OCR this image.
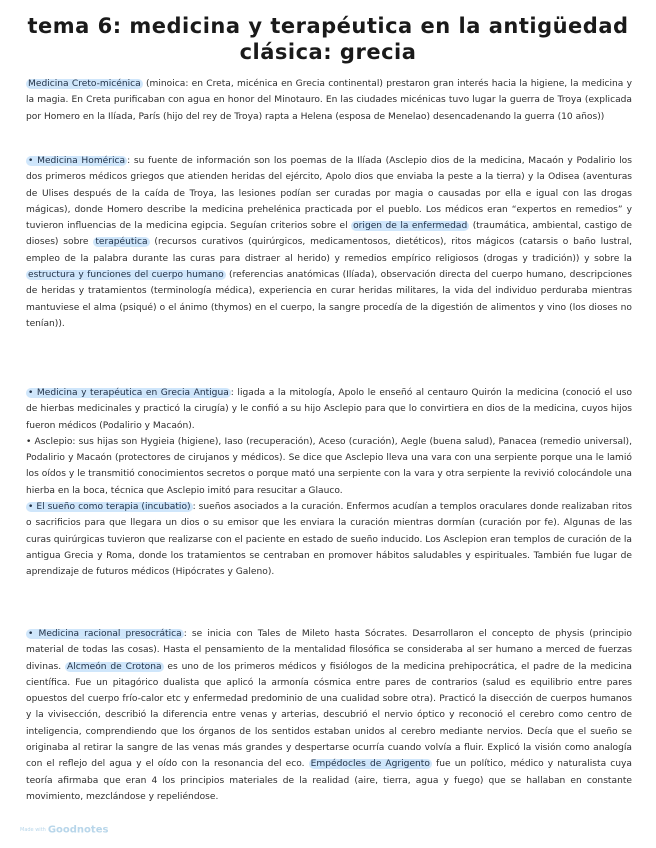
tema 6: medicina y terapéutica en la antigüedad
clásica: grecia

Medicina Creto-micénica (minoica: en Creta, micénica en Grecia continental) prestaron gran interés hacia la higiene, la medicina y la magia. En Creta purificaban con agua en honor del Minotauro. En las ciudades micénicas tuvo lugar la guerra de Troya (explicada por Homero en la Ilíada, París (hijo del rey de Troya) rapta a Helena (esposa de Menelao) desencadenando la guerra (10 años))

• Medicina Homérica : su fuente de información son los poemas de la Ilíada (Asclepio dios de la medicina, Macaón y Podalirio los dos primeros médicos griegos que atienden heridas del ejército, Apolo dios que enviaba la peste a la tierra) y la Odisea (aventuras de Ulises después de la caída de Troya, las lesiones podían ser curadas por magia o causadas por ella e igual con las drogas mágicas), donde Homero describe la medicina prehelénica practicada por el pueblo. Los médicos eran “expertos en remedios” y tuvieron influencias de la medicina egipcia. Seguían criterios sobre el origen de la enfermedad (traumática, ambiental, castigo de dioses) sobre terapéutica (recursos curativos (quirúrgicos, medicamentosos, dietéticos), ritos mágicos (catarsis o baño lustral, empleo de la palabra durante las curas para distraer al herido) y remedios empírico religiosos (drogas y tradición)) y sobre la estructura y funciones del cuerpo humano (referencias anatómicas (Ilíada), observación directa del cuerpo humano, descripciones de heridas y tratamientos (terminología médica), experiencia en curar heridas militares, la vida del individuo perduraba mientras mantuviese el alma (psiqué) o el ánimo (thymos) en el cuerpo, la sangre procedía de la digestión de alimentos y vino (los dioses no tenían)).

• Medicina y terapéutica en Grecia Antigua : ligada a la mitología, Apolo le enseñó al centauro Quirón la medicina (conoció el uso de hierbas medicinales y practicó la cirugía) y le confió a su hijo Asclepio para que lo convirtiera en dios de la medicina, cuyos hijos fueron médicos (Podalirio y Macaón).

• Asclepio: sus hijas son Hygieia (higiene), Iaso (recuperación), Aceso (curación), Aegle (buena salud), Panacea (remedio universal), Podalirio y Macaón (protectores de cirujanos y médicos). Se dice que Asclepio lleva una vara con una serpiente porque una le lamió los oídos y le transmitió conocimientos secretos o porque mató una serpiente con la vara y otra serpiente la revivió colocándole una hierba en la boca, técnica que Asclepio imitó para resucitar a Glauco.

• El sueño como terapia (incubatio) : sueños asociados a la curación. Enfermos acudían a templos oraculares donde realizaban ritos o sacrificios para que llegara un dios o su emisor que les enviara la curación mientras dormían (curación por fe). Algunas de las curas quirúrgicas tuvieron que realizarse con el paciente en estado de sueño inducido. Los Asclepion eran templos de curación de la antigua Grecia y Roma, donde los tratamientos se centraban en promover hábitos saludables y espirituales. También fue lugar de aprendizaje de futuros médicos (Hipócrates y Galeno).

• Medicina racional presocrática : se inicia con Tales de Mileto hasta Sócrates. Desarrollaron el concepto de physis (principio material de todas las cosas). Hasta el pensamiento de la mentalidad filosófica se consideraba al ser humano a merced de fuerzas divinas. Alcmeón de Crotona es uno de los primeros médicos y fisiólogos de la medicina prehipocrática, el padre de la medicina científica. Fue un pitagórico dualista que aplicó la armonía cósmica entre pares de contrarios (salud es equilibrio entre pares opuestos del cuerpo frío-calor etc y enfermedad predominio de una cualidad sobre otra). Practicó la disección de cuerpos humanos y la vivisección, describió la diferencia entre venas y arterias, descubrió el nervio óptico y reconoció el cerebro como centro de inteligencia, comprendiendo que los órganos de los sentidos estaban unidos al cerebro mediante nervios. Decía que el sueño se originaba al retirar la sangre de las venas más grandes y despertarse ocurría cuando volvía a fluir. Explicó la visión como analogía con el reflejo del agua y el oído con la resonancia del eco. Empédocles de Agrigento fue un político, médico y naturalista cuya teoría afirmaba que eran 4 los principios materiales de la realidad (aire, tierra, agua y fuego) que se hallaban en constante movimiento, mezclándose y repeliéndose.

Made with Goodnotes
